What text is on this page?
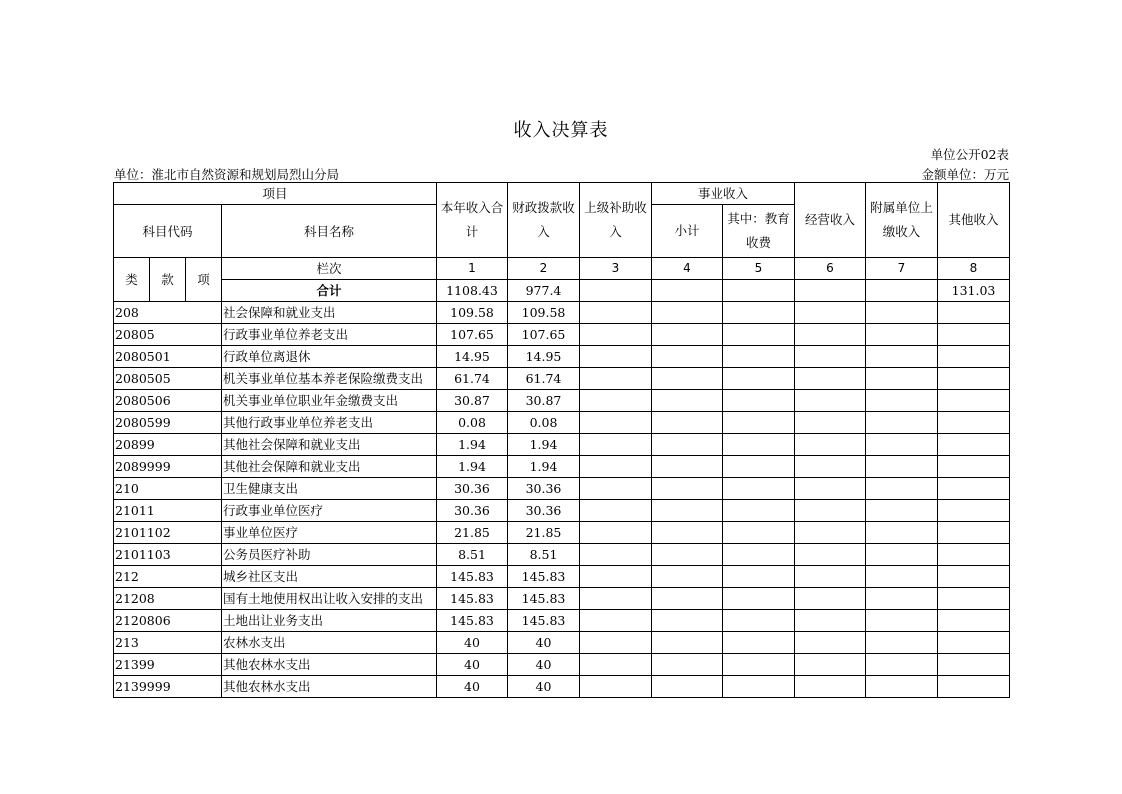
收入决算表
单位公开02表
单位：淮北市自然资源和规划局烈山分局	金额单位：万元
项目				本年收入合计	财政拨款收入	上级补助收入	事业收入		经营收入	附属单位上缴收入	其他收入
科目代码			科目名称				小计	其中：教育收费			

类	款	项	栏次	1	2	3	4	5	6	7	8
			合计	1108.43	977.4						131.03
208			社会保障和就业支出	109.58	109.58						
20805			行政事业单位养老支出	107.65	107.65						
2080501			行政单位离退休	14.95	14.95						
2080505			机关事业单位基本养老保险缴费支出	61.74	61.74						
2080506			机关事业单位职业年金缴费支出	30.87	30.87						
2080599			其他行政事业单位养老支出	0.08	0.08						
20899			其他社会保障和就业支出	1.94	1.94						
2089999			其他社会保障和就业支出	1.94	1.94						
210			卫生健康支出	30.36	30.36						
21011			行政事业单位医疗	30.36	30.36						
2101102			事业单位医疗	21.85	21.85						
2101103			公务员医疗补助	8.51	8.51						
212			城乡社区支出	145.83	145.83						
21208			国有土地使用权出让收入安排的支出	145.83	145.83						
2120806			土地出让业务支出	145.83	145.83						
213			农林水支出	40	40						
21399			其他农林水支出	40	40						
2139999			其他农林水支出	40	40						
